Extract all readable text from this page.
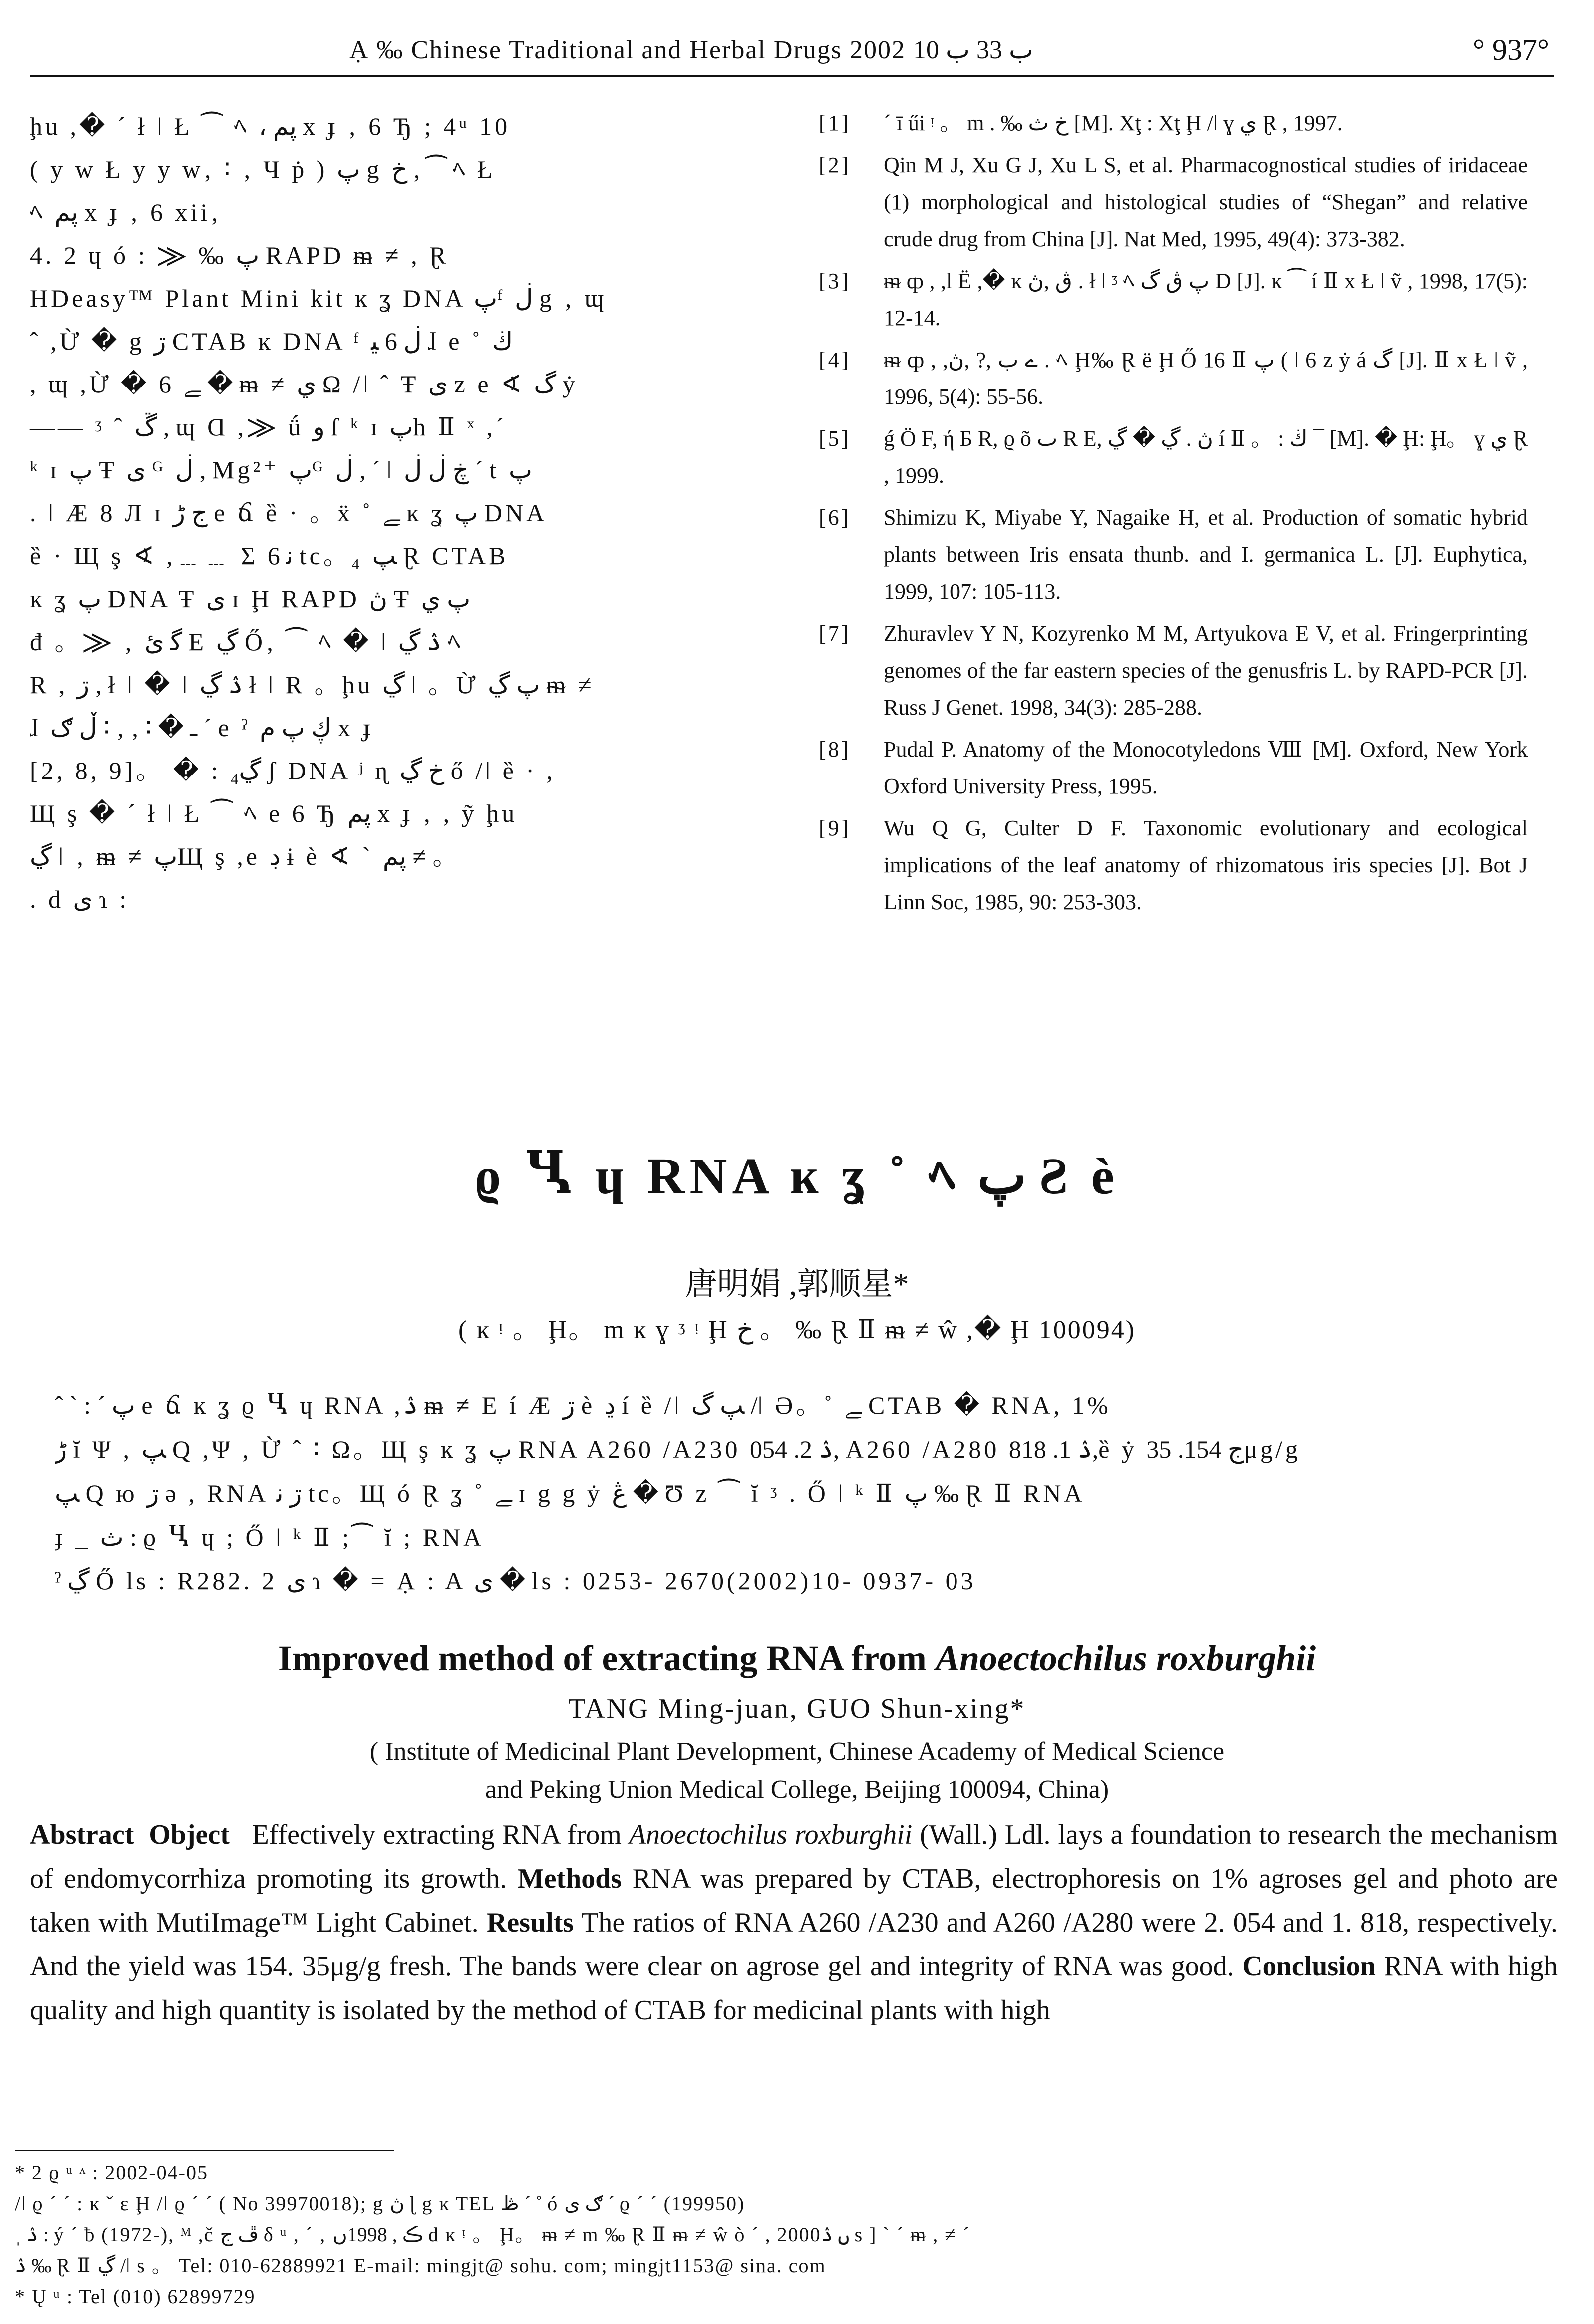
Ạ ‰ Chinese Traditional and Herbal Drugs 2002 ب 33 ب 10	° 937°

ḩu ,� ´ ł ǀ Ł ⁀ ﾍ ، پم x ɟ ‚ 6 Ђ ; 4ᵘ 10

( y w Ł y y w‚ ∶ ‚ Ч ṗ ) پ g خ , ⁀ ﾍ Ł

ﾍ پم x ɟ ‚ 6 xii‚

4. 2 ɥ ó : ⨠ ‰ پ RAPD ᵯ ≠ , Ɽ

HDeasy™ Plant Mini kit ĸ ʓ DNA پᶠ ڶ g ‚ ɰ

ˆ ,Ừ � g ڗ CTAB ĸ DNA ᶠ ڶ 6 ﯿ ɺ e ˚ ڬ

, ɰ ,Ừ � 6 ﮯ � ᵯ ≠ ي Ω /ǀ ˆ Ŧ ى z e ∢ گ ẏ

—— ᶾ ˆ ڱ , ɰ Ɑ ,⨠ ǘ ﻭ ſ ᵏ ɪ پh Ⅱ ˣ ,ˊ

ᵏ ɪ پ Ŧ ى ᴳ ڶ , Mg²⁺ پᴳ ڶ , ˊ ǀ ڿ ڶ ڶ ˊ t پ

. ǀ Æ 8 Л ɪ ج ڑ e ճ ȅ · 。ẍ ˚ ﮯ ĸ ʓ پ DNA

ȅ · Щ ş ∢ ,﹍﹍ Σ ﻧ 6 tc。₄ ﭗ Ɽ CTAB

ĸ ʓ پ DNA Ŧ ى ɪ Ḩ RAPD ڽ Ŧ پ ي

đ 。⨠ ‚ ﮔ ئ E ڲ Ő‚ ⁀ ﾍ � ǀ ۮ ڲ ﾍ

R , ڗ , ł ǀ � ǀ ۮ ڲ ł ǀ R 。ḩu ڲ ǀ 。Ừ پ ڲ ᵯ ≠

ɺ ـ � ∶ ‚ ‚ ∶ ڵ ګ ˊ e ˀ ڮ پ م x ɟ

[2, 8, 9]。 � : ڲ₄ ʃ DNA ʲ ɳ خ ڲ ő /ǀ ȅ · ,

Щ ş � ´ ł ǀ Ł ⁀ ﾍ e 6 Ђ پم x ɟ ‚ , ỹ ḩu

ڲ ǀ ‚ ᵯ ≠ پЩ ş ,e ڊ ɨ è ∢ ` پم ≠ 。

. d ى ɿ :

[1]	ˊ ī űi ᵎ 。 m . ‰ خ ث [M]. Xţ : Xţ Ḩ /ǀ ɣ ي Ɽ , 1997.
[2]	Qin M J, Xu G J, Xu L S, et al. Pharmacognostical studies of iridaceae (1) morphological and histological studies of “Shegan” and relative crude drug from China [J]. Nat Med, 1995, 49(4): 373-382.
[3]	ᵯ ȹ , ,l Ë ,� ĸ ڨ ,ڽ . ł ǀ ᶾ ﾍ پ ڨ گ D [J]. ĸ ⁀ í Ⅱ x Ł ǀ ṽ , 1998, 17(5): 12-14.
[4]	ᵯ ȹ , ,ے ب ,? ,ڽ . ﾍ Ḩ‰ Ɽ ë Ḩ Ő 16 Ⅱ پ ( ǀ 6 z ẏ á گ [J]. Ⅱ x Ł ǀ ṽ , 1996, 5(4): 55-56.
[5]	ǵ Ӧ F, ή Б R, ϱ õ ٮ R E, ڽ . ڲ � ڲ í Ⅱ 。 : ڬ ¯ [M]. � Ḩ: Ḩ。 ɣ ي Ɽ , 1999.
[6]	Shimizu K, Miyabe Y, Nagaike H, et al. Production of somatic hybrid plants between Iris ensata thunb. and I. germanica L. [J]. Euphytica, 1999, 107: 105-113.
[7]	Zhuravlev Y N, Kozyrenko M M, Artyukova E V, et al. Fringerprinting genomes of the far eastern species of the genusfris L. by RAPD-PCR [J]. Russ J Genet. 1998, 34(3): 285-288.
[8]	Pudal P. Anatomy of the Monocotyledons Ⅷ [M]. Oxford, New York Oxford University Press, 1995.
[9]	Wu Q G, Culter D F. Taxonomic evolutionary and ecological implications of the leaf anatomy of rhizomatous iris species [J]. Bot J Linn Soc, 1985, 90: 253-303.
ϱ Ⴁ ɥ RNA ĸ ʓ ˚ ﾍ پ Ƨ è
唐明娟 ,郭顺星*
( ĸ ᵎ 。 Ḩ。 m ĸ ɣ ᶾ ᵎ Ḩ خ 。 ‰ Ɽ Ⅱ ᵯ ≠ ŵ ,� Ḩ 100094)

ˆ ˋ : ˊ پ e ճ ĸ ʓ ϱ Ⴁ ɥ RNA ,ۮ ᵯ ≠ E í Æ ڗ è ڍ í ȅ /ǀ ﭗ گ /ǀ Ә。˚ ﮯ CTAB � RNA, 1%

ڑ ĭ Ψ , ﭗ Q ,Ψ , Ừ ˆ ∶ Ω。Щ ş ĸ ʓ پ RNA A260 /A230 ۮ 2. 054, A260 /A280 ۮ 1. 818,ȅ ẏ ج 154. 35μg/g

ﭗ Q ю ڗ ǝ , RNA ڗ ﻧ tc。Щ ó Ɽ ʓ ˚ ﮯ ɪ g g ẏ ڠ � Ʊ z ⁀ ĭ ᶾ . Ő ǀ ᵏ Ⅱ پ ‰ Ɽ Ⅱ RNA

ɟ _ ث : ϱ Ⴁ ɥ ; Ő ǀ ᵏ Ⅱ ;⁀ ĭ ; RNA

ˀ ڲ Ő ls : R282. 2 ى ɿ � = Ạ : A ى � ls : 0253- 2670(2002)10- 0937- 03

Improved method of extracting RNA from Anoectochilus roxburghii
TANG Ming-juan, GUO Shun-xing*
( Institute of Medicinal Plant Development, Chinese Academy of Medical Science
and Peking Union Medical College, Beijing 100094, China)
Abstract Object Effectively extracting RNA from Anoectochilus roxburghii (Wall.) Ldl. lays a foundation to research the mechanism of endomycorrhiza promoting its growth. Methods RNA was prepared by CTAB, electrophoresis on 1% agroses gel and photo are taken with MutiImage™ Light Cabinet. Results The ratios of RNA A260 /A230 and A260 /A280 were 2. 054 and 1. 818, respectively. And the yield was 154. 35μg/g fresh. The bands were clear on agrose gel and integrity of RNA was good. Conclusion RNA with high quality and high quantity is isolated by the method of CTAB for medicinal plants with high

* 2 ϱ ᵘ ᶺ : 2002-04-05

/ǀ ϱ ˊ ˊ : ĸ ˇ ε Ḩ /ǀ ϱ ˊ ˊ ( No 39970018); g ڽ ɭ g ĸ TEL ڟ ˊ ˚ ó ګ ى ˊ ϱ ˊ ˊ (199950)

ˌ ۮ : ý ˊ ƀ (1972-), ᴹ ,č ڦ ج δ ᵘ , ˊ ‚ ڪ , 1998ں d ĸ ᵎ 。 Ḩ。 ᵯ ≠ m ‰ Ɽ Ⅱ ᵯ ≠ ŵ ò ˊ , 2000ں ۮ s ] ` ˊ ᵯ , ≠ ˊ

ۮ ‰ Ɽ Ⅱ ڲ /ǀ s 。 Tel: 010-62889921 E-mail: mingjt@ sohu. com; mingjt1153@ sina. com

* Ų ᵘ : Tel (010) 62899729
